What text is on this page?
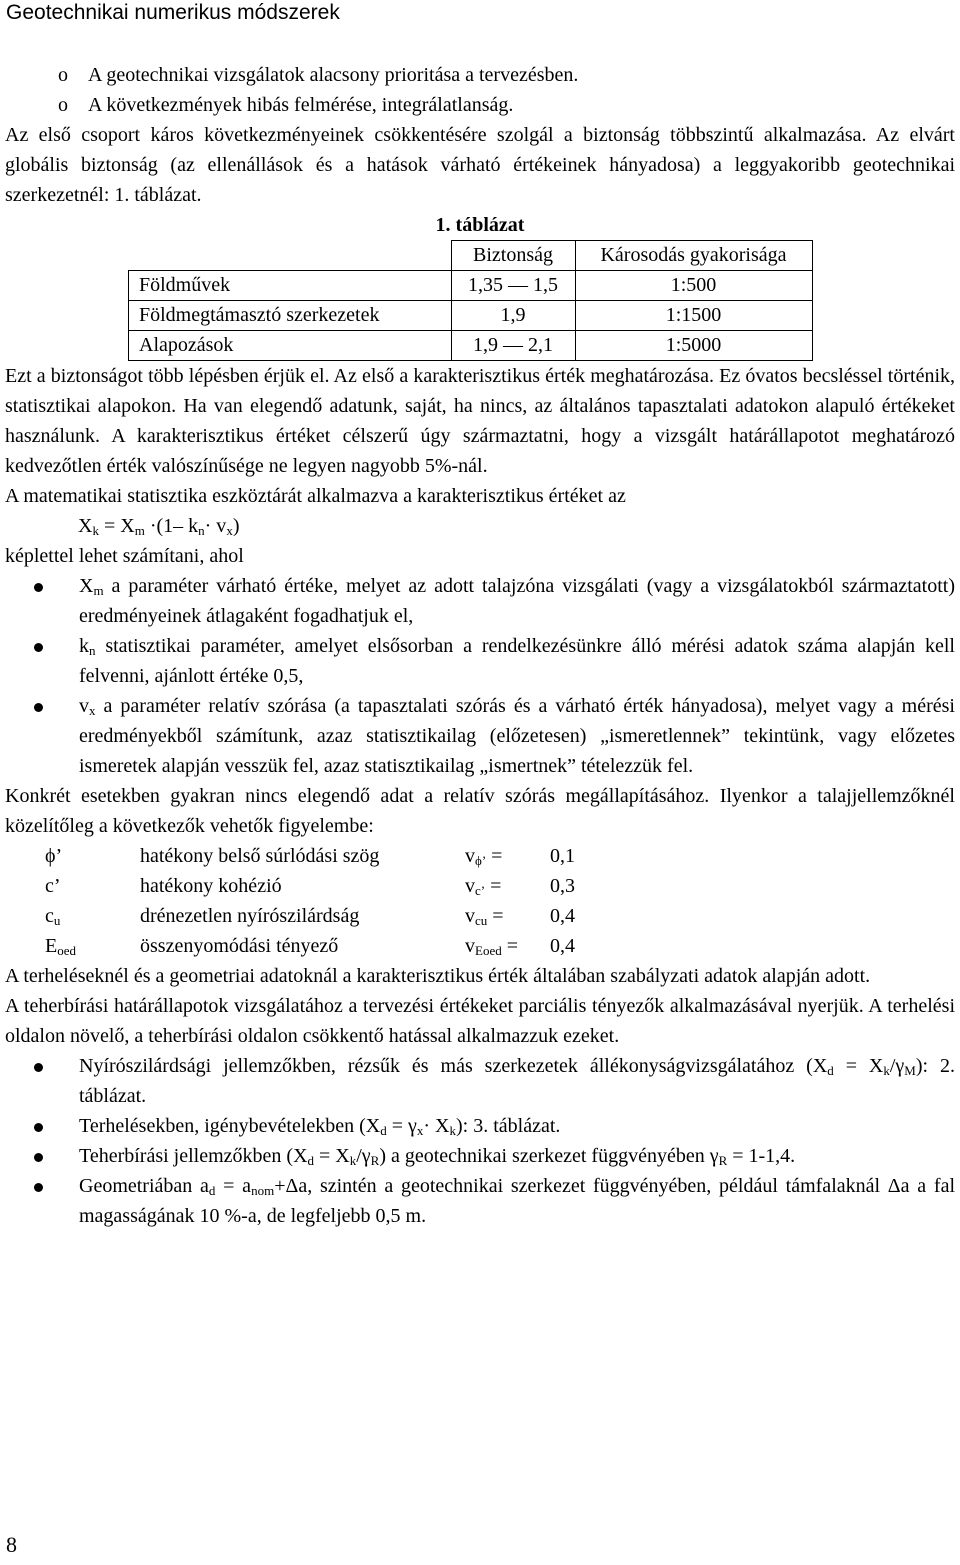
Geotechnikai numerikus módszerek
o A geotechnikai vizsgálatok alacsony prioritása a tervezésben.
o A következmények hibás felmérése, integrálatlanság.

Az első csoport káros következményeinek csökkentésére szolgál a biztonság többszintű alkalmazása. Az elvárt globális biztonság (az ellenállások és a hatások várható értékeinek hányadosa) a leggyakoribb geotechnikai szerkezetnél: 1. táblázat.

1. táblázat
	Biztonság	Károsodás gyakorisága
Földművek	1,35 — 1,5	1:500
Földmegtámasztó szerkezetek	1,9	1:1500
Alapozások	1,9 — 2,1	1:5000

Ezt a biztonságot több lépésben érjük el. Az első a karakterisztikus érték meghatározása. Ez óvatos becsléssel történik, statisztikai alapokon. Ha van elegendő adatunk, saját, ha nincs, az általános tapasztalati adatokon alapuló értékeket használunk. A karakterisztikus értéket célszerű úgy származtatni, hogy a vizsgált határállapotot meghatározó kedvezőtlen érték valószínűsége ne legyen nagyobb 5%-nál.

A matematikai statisztika eszköztárát alkalmazva a karakterisztikus értéket az

$X_k = X_m \cdot(1-$ $k_n\cdot v_x$)

képlettel lehet számítani, ahol

$X_m$ a paraméter várható értéke, melyet az adott talajzóna vizsgálati (vagy a vizsgálatokból származtatott) eredményeinek átlagaként fogadhatjuk el,
$k_n$ statisztikai paraméter, amelyet elsősorban a rendelkezésünkre álló mérési adatok száma alapján kell felvenni, ajánlott értéke 0,5,
$v_x$ a paraméter relatív szórása (a tapasztalati szórás és a várható érték hányadosa), melyet vagy a mérési eredményekből számítunk, azaz statisztikailag (előzetesen) „ismeretlennek” tekintünk, vagy előzetes ismeretek alapján vesszük fel, azaz statisztikailag „ismertnek” tételezzük fel.

Konkrét esetekben gyakran nincs elegendő adat a relatív szórás megállapításához. Ilyenkor a talajjellemzőknél közelítőleg a következők vehetők figyelembe:

ϕ’	hatékony belső súrlódási szög	$v_{\phi’}$ =	0,1
c’	hatékony kohézió	$v_{c’}$ =	0,3
$c_u$	drénezetlen nyírószilárdság	$v_{cu}$ =	0,4
$E_{oed}$	összenyomódási tényező	$v_{Eoed}$ =	0,4

A terheléseknél és a geometriai adatoknál a karakterisztikus érték általában szabályzati adatok alapján adott.

A teherbírási határállapotok vizsgálatához a tervezési értékeket parciális tényezők alkalmazásával nyerjük. A terhelési oldalon növelő, a teherbírási oldalon csökkentő hatással alkalmazzuk ezeket.

Nyírószilárdsági jellemzőkben, rézsűk és más szerkezetek állékonyságvizsgálatához $(X_d = X_k/\gamma_M)$: 2. táblázat.
Terhelésekben, igénybevételekben $(X_d = \gamma_x\cdot X_k)$: 3. táblázat.
Teherbírási jellemzőkben $(X_d = X_k/\gamma_R)$ a geotechnikai szerkezet függvényében $\gamma_R = 1-1,4$.
Geometriában $a_d = a_{nom}+\Delta a$, szintén a geotechnikai szerkezet függvényében, például támfalaknál Δa a fal magasságának 10 %-a, de legfeljebb 0,5 m.
8
